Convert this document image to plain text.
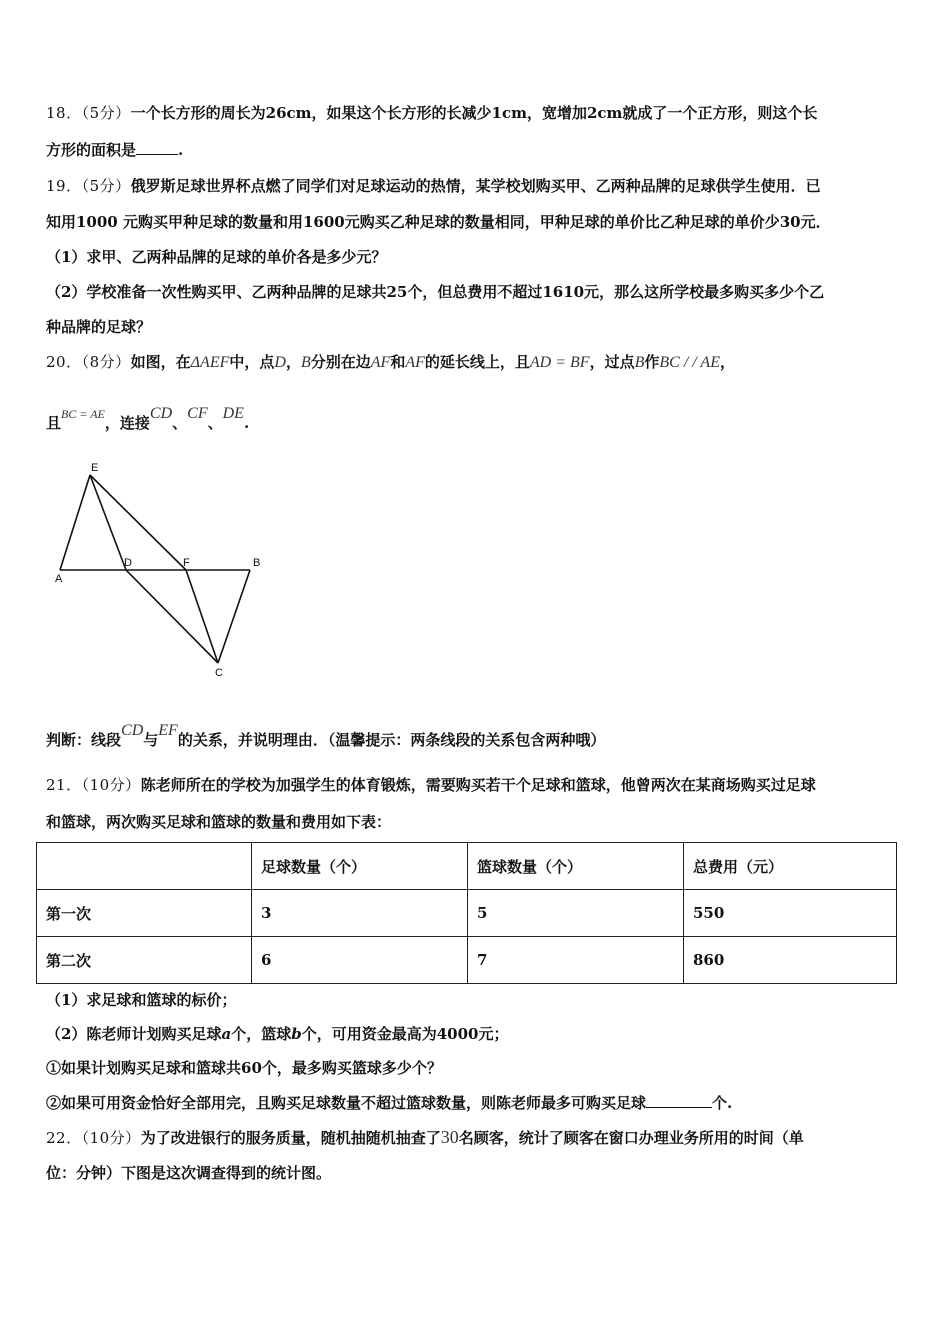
18．（5分）一个长方形的周长为26cm，如果这个长方形的长减少1cm，宽增加2cm就成了一个正方形，则这个长
方形的面积是	.
19．（5分）俄罗斯足球世界杯点燃了同学们对足球运动的热情，某学校划购买甲、乙两种品牌的足球供学生使用．已
知用1000 元购买甲种足球的数量和用1600元购买乙种足球的数量相同，甲种足球的单价比乙种足球的单价少30元．
（1）求甲、乙两种品牌的足球的单价各是多少元？
（2）学校准备一次性购买甲、乙两种品牌的足球共25个，但总费用不超过1610元，那么这所学校最多购买多少个乙
种品牌的足球？
20．（8分）如图，在ΔAEF中，点D，B分别在边AF和AF的延长线上，且AD = BF，过点B作BC / / AE，
且$^{BC = AE}$，连接CD、CF、DE.
E
A
D	F	B
C
判断：线段CD与EF的关系，并说明理由．（温馨提示：两条线段的关系包含两种哦）
21．（10分）陈老师所在的学校为加强学生的体育锻炼，需要购买若干个足球和篮球，他曾两次在某商场购买过足球
和篮球，两次购买足球和篮球的数量和费用如下表：
	足球数量（个）	篮球数量（个）	总费用（元）
第一次	3	5	550
第二次	6	7	860
（1）求足球和篮球的标价；
（2）陈老师计划购买足球a个，篮球b个，可用资金最高为4000元；
①如果计划购买足球和篮球共60个，最多购买篮球多少个？
②如果可用资金恰好全部用完，且购买足球数量不超过篮球数量，则陈老师最多可购买足球	个.
22．（10分）为了改进银行的服务质量，随机抽随机抽查了30名顾客，统计了顾客在窗口办理业务所用的时间（单
位：分钟）下图是这次调查得到的统计图。
